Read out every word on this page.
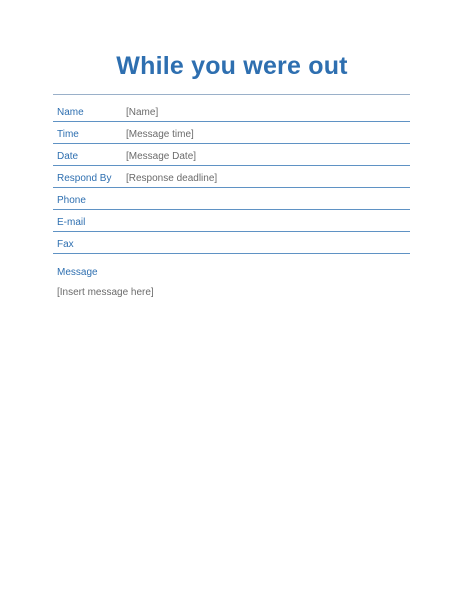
While you were out
Name	[Name]
Time	[Message time]
Date	[Message Date]
Respond By [Response deadline]
Phone
E-mail
Fax
Message
[Insert message here]
